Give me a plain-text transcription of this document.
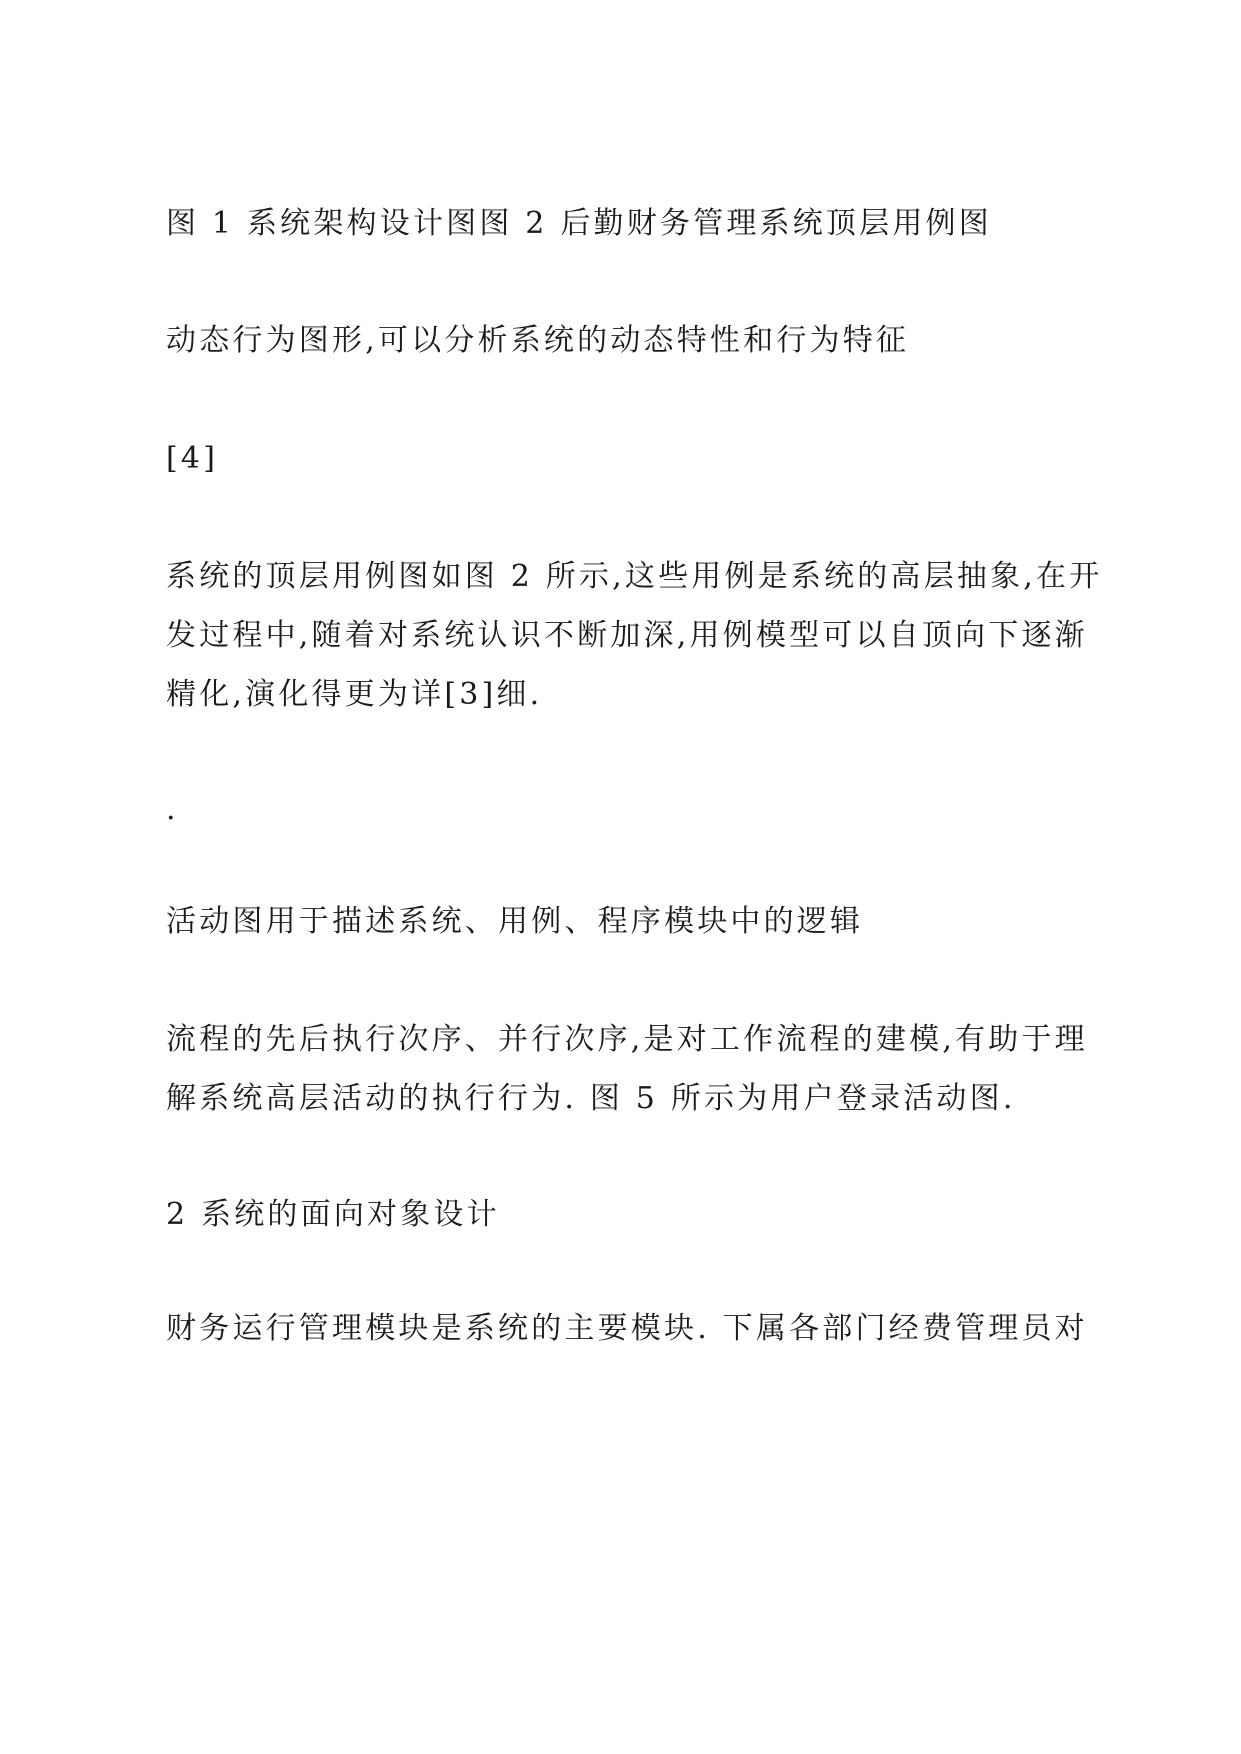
图 1 系统架构设计图图 2 后勤财务管理系统顶层用例图
动态行为图形,可以分析系统的动态特性和行为特征
[4]
系统的顶层用例图如图 2 所示,这些用例是系统的高层抽象,在开
发过程中,随着对系统认识不断加深,用例模型可以自顶向下逐渐
精化,演化得更为详[3]细.
.
活动图用于描述系统、用例、程序模块中的逻辑
流程的先后执行次序、并行次序,是对工作流程的建模,有助于理
解系统高层活动的执行行为. 图 5 所示为用户登录活动图.
2 系统的面向对象设计
财务运行管理模块是系统的主要模块. 下属各部门经费管理员对
